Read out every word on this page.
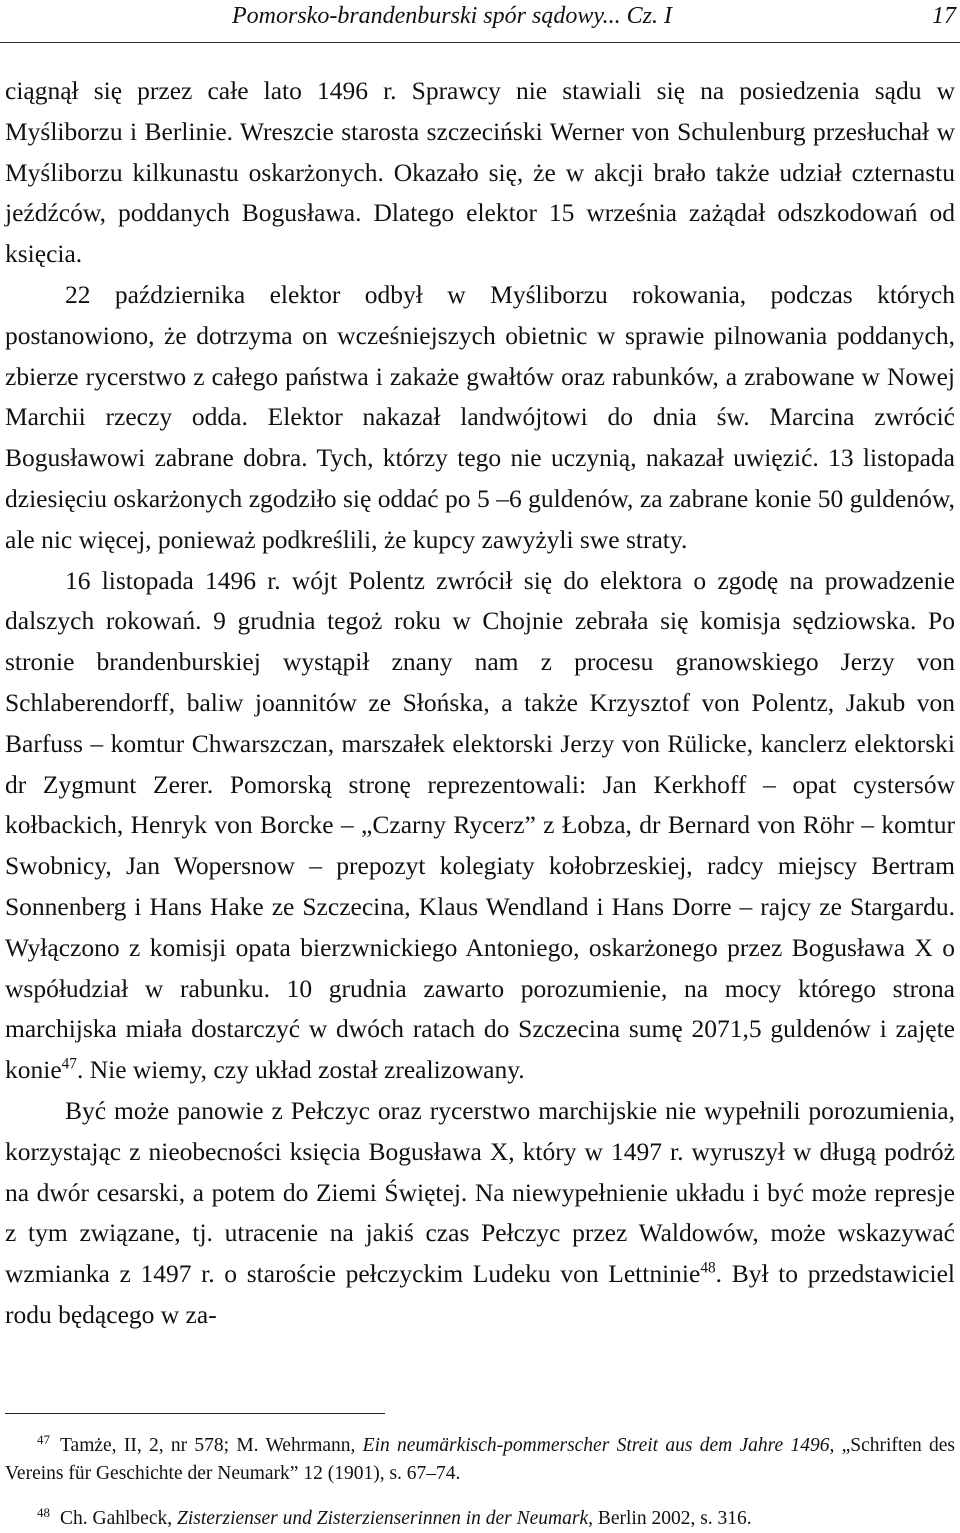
Pomorsko-brandenburski spór sądowy... Cz. I	17

ciągnął się przez całe lato 1496 r. Sprawcy nie stawiali się na posiedzenia sądu w Myśliborzu i Berlinie. Wreszcie starosta szczeciński Werner von Schulenburg przesłuchał w Myśliborzu kilkunastu oskarżonych. Okazało się, że w akcji brało także udział czternastu jeźdźców, poddanych Bogusława. Dlatego elektor 15 września zażądał odszkodowań od księcia.

22 października elektor odbył w Myśliborzu rokowania, podczas których postanowiono, że dotrzyma on wcześniejszych obietnic w sprawie pilnowania poddanych, zbierze rycerstwo z całego państwa i zakaże gwałtów oraz rabunków, a zrabowane w Nowej Marchii rzeczy odda. Elektor nakazał landwójtowi do dnia św. Marcina zwrócić Bogusławowi zabrane dobra. Tych, którzy tego nie uczynią, nakazał uwięzić. 13 listopada dziesięciu oskarżonych zgodziło się oddać po 5 –6 guldenów, za zabrane konie 50 guldenów, ale nic więcej, ponieważ podkreślili, że kupcy zawyżyli swe straty.

16 listopada 1496 r. wójt Polentz zwrócił się do elektora o zgodę na prowadzenie dalszych rokowań. 9 grudnia tegoż roku w Chojnie zebrała się komisja sędziowska. Po stronie brandenburskiej wystąpił znany nam z procesu granowskiego Jerzy von Schlaberendorff, baliw joannitów ze Słońska, a także Krzysztof von Polentz, Jakub von Barfuss – komtur Chwarszczan, marszałek elektorski Jerzy von Rülicke, kanclerz elektorski dr Zygmunt Zerer. Pomorską stronę reprezentowali: Jan Kerkhoff – opat cystersów kołbackich, Henryk von Borcke – „Czarny Rycerz” z Łobza, dr Bernard von Röhr – komtur Swobnicy, Jan Wopersnow – prepozyt kolegiaty kołobrzeskiej, radcy miejscy Bertram Sonnenberg i Hans Hake ze Szczecina, Klaus Wendland i Hans Dorre – rajcy ze Stargardu. Wyłączono z komisji opata bierzwnickiego Antoniego, oskarżonego przez Bogusława X o współudział w rabunku. 10 grudnia zawarto porozumienie, na mocy którego strona marchijska miała dostarczyć w dwóch ratach do Szczecina sumę 2071,5 guldenów i zajęte konie$^{47}$. Nie wiemy, czy układ został zrealizowany.

Być może panowie z Pełczyc oraz rycerstwo marchijskie nie wypełnili porozumienia, korzystając z nieobecności księcia Bogusława X, który w 1497 r. wyruszył w długą podróż na dwór cesarski, a potem do Ziemi Świętej. Na niewypełnienie układu i być może represje z tym związane, tj. utracenie na jakiś czas Pełczyc przez Waldowów, może wskazywać wzmianka z 1497 r. o staroście pełczyckim Ludeku von Lettninie$^{48}$. Był to przedstawiciel rodu będącego w za-

$^{47}$ Tamże, II, 2, nr 578; M. Wehrmann, Ein neumärkisch-pommerscher Streit aus dem Jahre 1496, „Schriften des Vereins für Geschichte der Neumark” 12 (1901), s. 67–74.

$^{48}$ Ch. Gahlbeck, Zisterzienser und Zisterzienserinnen in der Neumark, Berlin 2002, s. 316.
